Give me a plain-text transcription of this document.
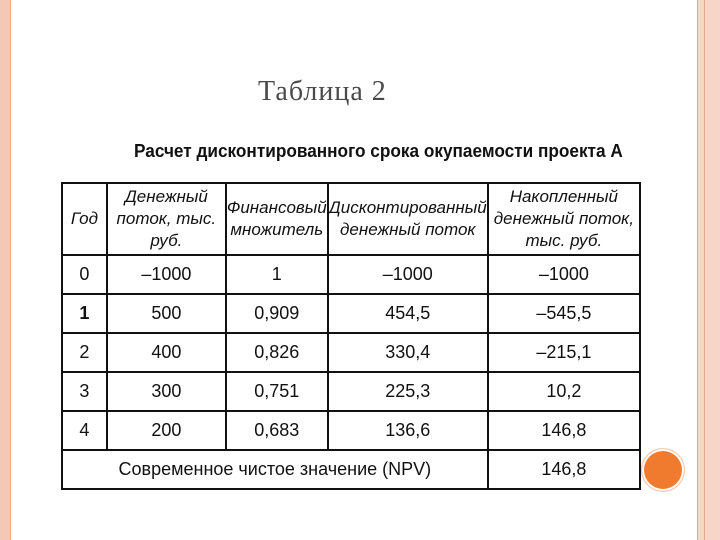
Таблица 2
Расчет дисконтированного срока окупаемости проекта А
Год	Денежный поток, тыс. руб.	Финансовый множитель	Дисконтированный денежный поток	Накопленный денежный поток, тыс. руб.
0	–1000	1	–1000	–1000
1	500	0,909	454,5	–545,5
2	400	0,826	330,4	–215,1
3	300	0,751	225,3	10,2
4	200	0,683	136,6	146,8
Современное чистое значение (NPV)				146,8
